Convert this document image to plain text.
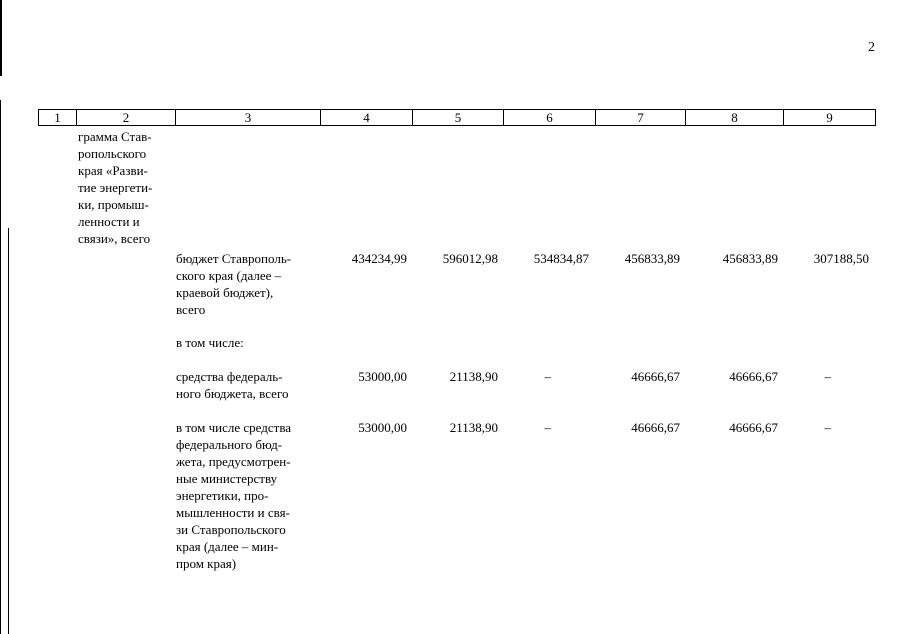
2
1	2	3	4	5	6	7	8	9
грамма Став-
ропольского
края «Разви-
тие энергети-
ки, промыш-
ленности и
связи», всего
бюджет Ставрополь-
ского края (далее –
краевой бюджет),
всего
434234,99	596012,98	534834,87	456833,89	456833,89	307188,50
в том числе:
средства федераль-
ного бюджета, всего
53000,00	21138,90	–	46666,67	46666,67	–
в том числе средства
федерального бюд-
жета, предусмотрен-
ные министерству
энергетики, про-
мышленности и свя-
зи Ставропольского
края (далее – мин-
пром края)
53000,00	21138,90	–	46666,67	46666,67	–
